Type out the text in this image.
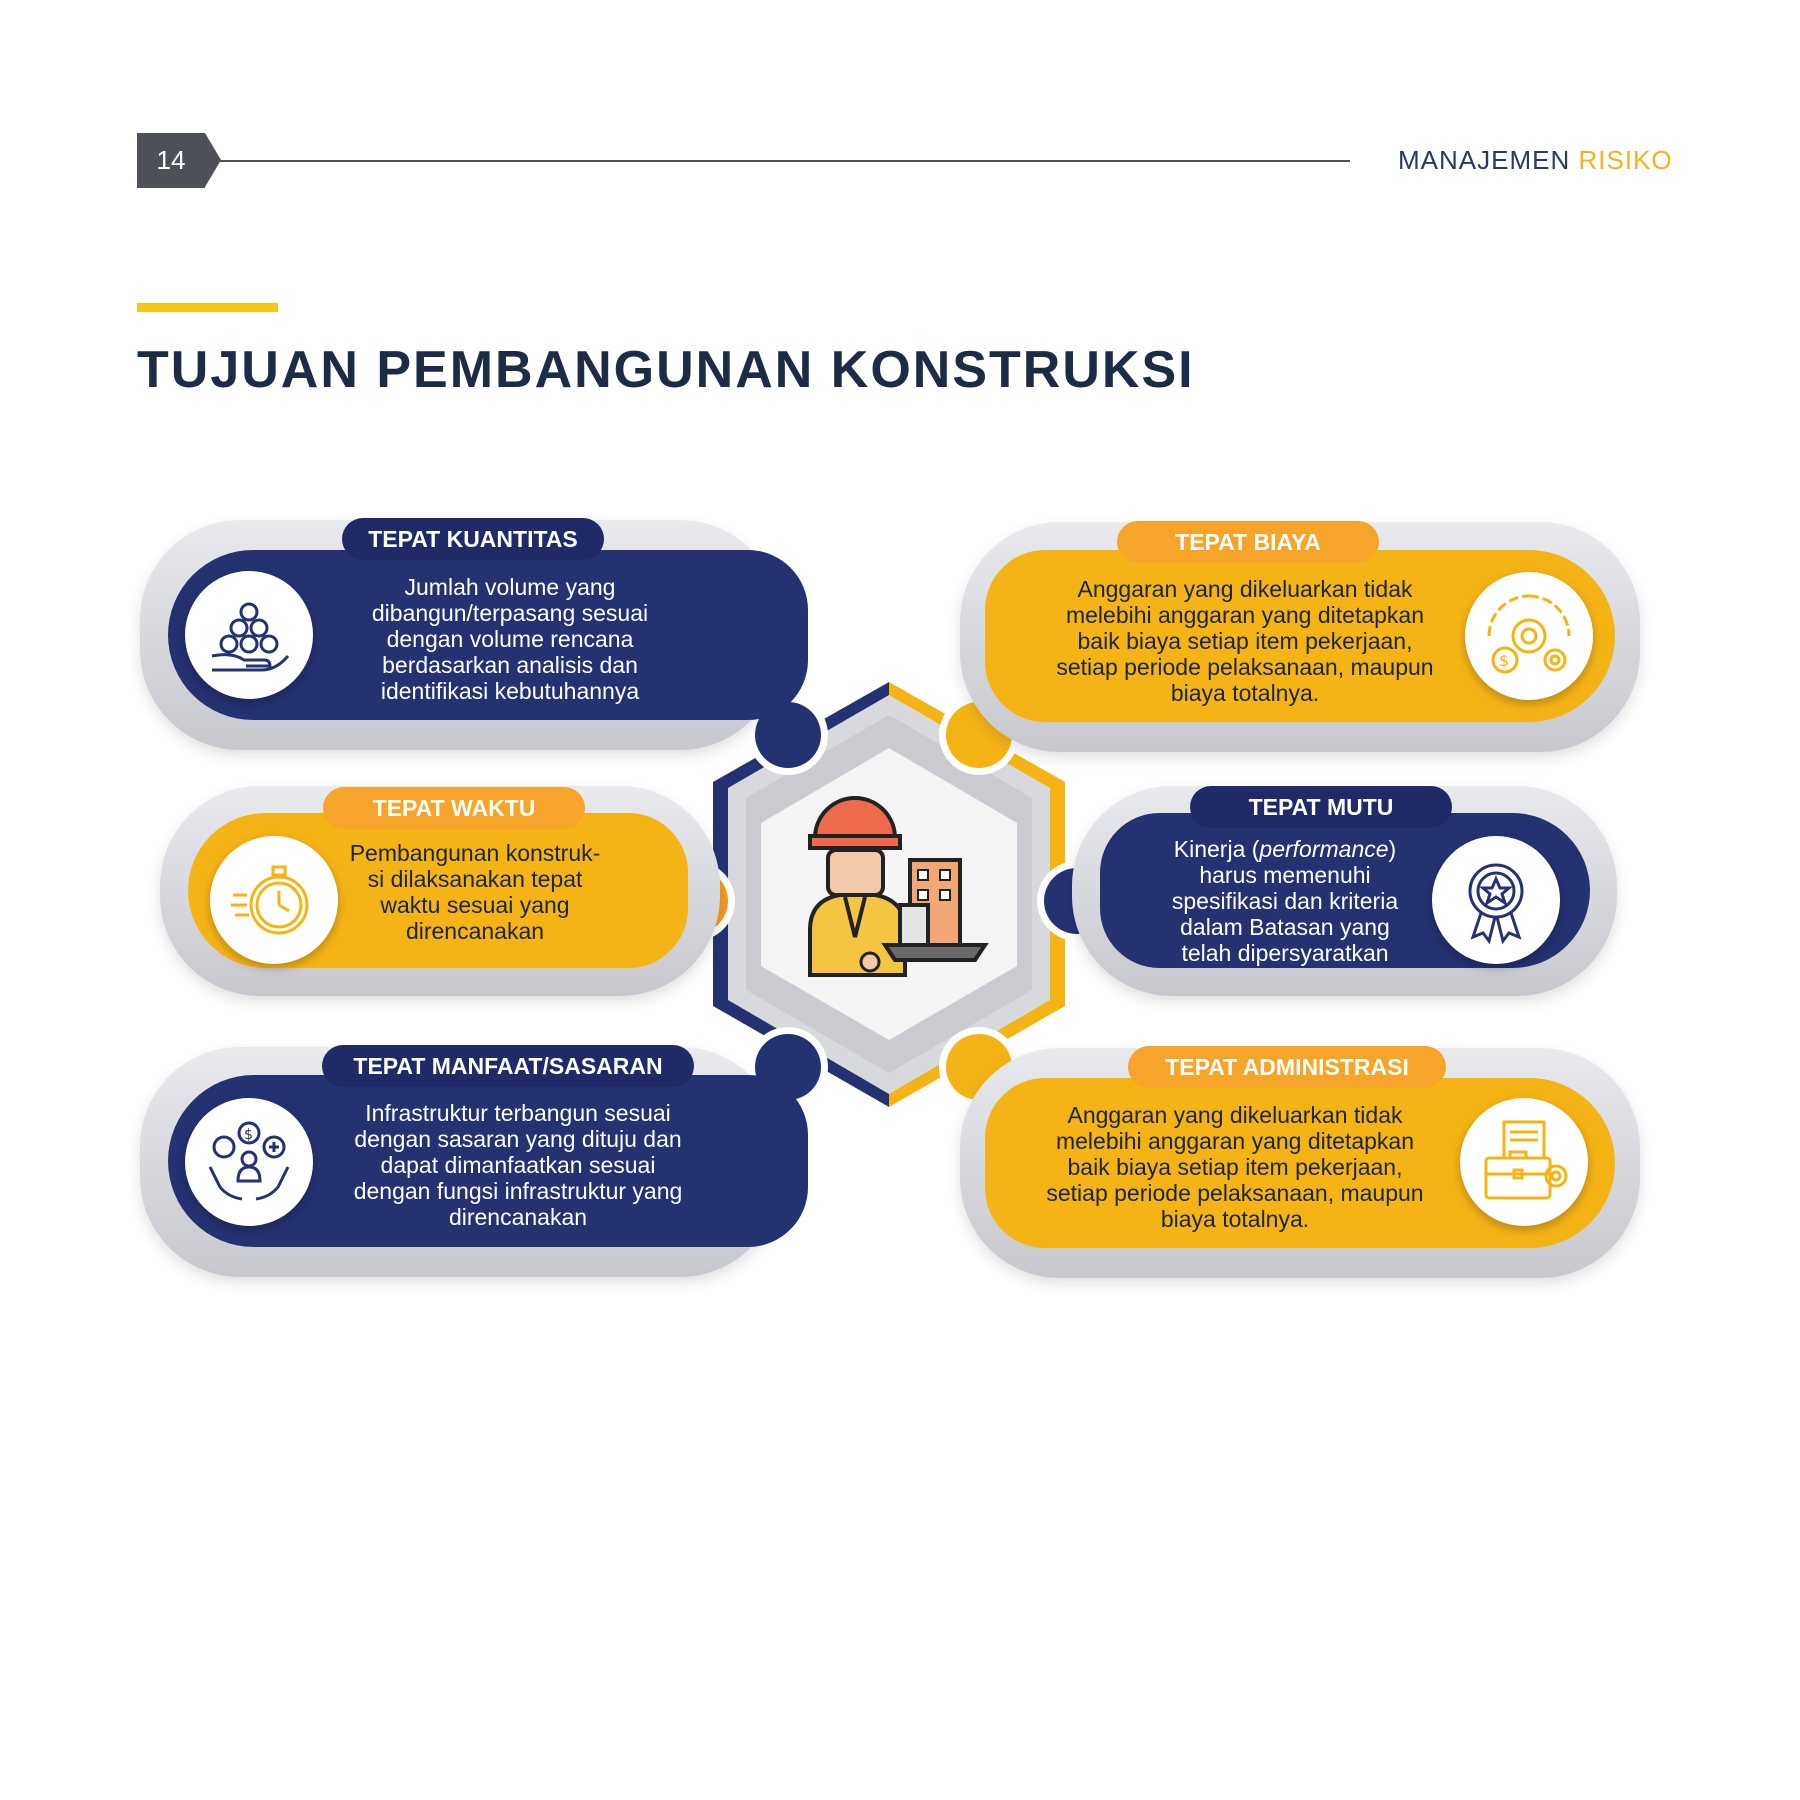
14	MANAJEMEN RISIKO
TUJUAN PEMBANGUNAN KONSTRUKSI
TEPAT KUANTITAS
Jumlah volume yang
dibangun/terpasang sesuai
dengan volume rencana
berdasarkan analisis dan
identifikasi kebutuhannya
$
TEPAT BIAYA
Anggaran yang dikeluarkan tidak
melebihi anggaran yang ditetapkan
baik biaya setiap item pekerjaan,
setiap periode pelaksanaan, maupun
biaya totalnya.
TEPAT WAKTU
Pembangunan konstruk-
si dilaksanakan tepat
waktu sesuai yang
direncanakan
TEPAT MUTU
Kinerja (performance)
harus memenuhi
spesifikasi dan kriteria
dalam Batasan yang
telah dipersyaratkan
$
TEPAT MANFAAT/SASARAN
Infrastruktur terbangun sesuai
dengan sasaran yang dituju dan
dapat dimanfaatkan sesuai
dengan fungsi infrastruktur yang
direncanakan
TEPAT ADMINISTRASI
Anggaran yang dikeluarkan tidak
melebihi anggaran yang ditetapkan
baik biaya setiap item pekerjaan,
setiap periode pelaksanaan, maupun
biaya totalnya.
